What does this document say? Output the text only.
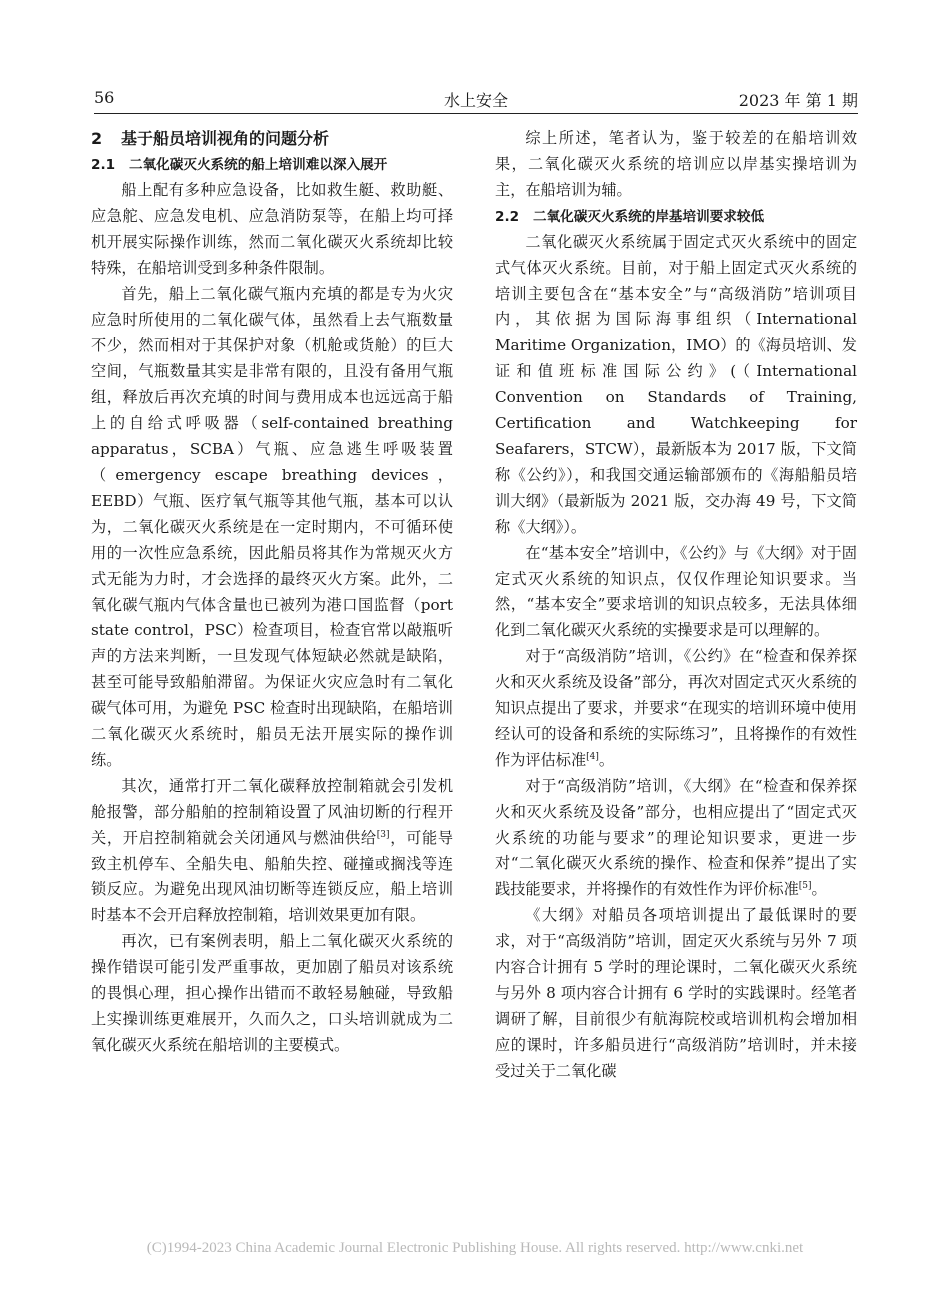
56	水上安全	2023 年 第 1 期
2 基于船员培训视角的问题分析
2.1 二氧化碳灭火系统的船上培训难以深入展开

船上配有多种应急设备，比如救生艇、救助艇、应急舵、应急发电机、应急消防泵等，在船上均可择机开展实际操作训练，然而二氧化碳灭火系统却比较特殊，在船培训受到多种条件限制。

首先，船上二氧化碳气瓶内充填的都是专为火灾应急时所使用的二氧化碳气体，虽然看上去气瓶数量不少，然而相对于其保护对象（机舱或货舱）的巨大空间，气瓶数量其实是非常有限的，且没有备用气瓶组，释放后再次充填的时间与费用成本也远远高于船上的自给式呼吸器（self-contained breathing apparatus，SCBA）气瓶、应急逃生呼吸装置（emergency escape breathing devices，EEBD）气瓶、医疗氧气瓶等其他气瓶，基本可以认为，二氧化碳灭火系统是在一定时期内，不可循环使用的一次性应急系统，因此船员将其作为常规灭火方式无能为力时，才会选择的最终灭火方案。此外，二氧化碳气瓶内气体含量也已被列为港口国监督（port state control，PSC）检查项目，检查官常以敲瓶听声的方法来判断，一旦发现气体短缺必然就是缺陷，甚至可能导致船舶滞留。为保证火灾应急时有二氧化碳气体可用，为避免 PSC 检查时出现缺陷，在船培训二氧化碳灭火系统时，船员无法开展实际的操作训练。

其次，通常打开二氧化碳释放控制箱就会引发机舱报警，部分船舶的控制箱设置了风油切断的行程开关，开启控制箱就会关闭通风与燃油供给[3]，可能导致主机停车、全船失电、船舶失控、碰撞或搁浅等连锁反应。为避免出现风油切断等连锁反应，船上培训时基本不会开启释放控制箱，培训效果更加有限。

再次，已有案例表明，船上二氧化碳灭火系统的操作错误可能引发严重事故，更加剧了船员对该系统的畏惧心理，担心操作出错而不敢轻易触碰，导致船上实操训练更难展开，久而久之，口头培训就成为二氧化碳灭火系统在船培训的主要模式。

综上所述，笔者认为，鉴于较差的在船培训效果，二氧化碳灭火系统的培训应以岸基实操培训为主，在船培训为辅。

2.2 二氧化碳灭火系统的岸基培训要求较低

二氧化碳灭火系统属于固定式灭火系统中的固定式气体灭火系统。目前，对于船上固定式灭火系统的培训主要包含在“基本安全”与“高级消防”培训项目内，其依据为国际海事组织（International Maritime Organization，IMO）的《海员培训、发证和值班标准国际公约》(（International Convention on Standards of Training, Certification and Watchkeeping for Seafarers，STCW），最新版本为 2017 版，下文简称《公约》），和我国交通运输部颁布的《海船船员培训大纲》（最新版为 2021 版，交办海 49 号，下文简称《大纲》）。

在“基本安全”培训中，《公约》与《大纲》对于固定式灭火系统的知识点，仅仅作理论知识要求。当然，“基本安全”要求培训的知识点较多，无法具体细化到二氧化碳灭火系统的实操要求是可以理解的。

对于“高级消防”培训，《公约》在“检查和保养探火和灭火系统及设备”部分，再次对固定式灭火系统的知识点提出了要求，并要求“在现实的培训环境中使用经认可的设备和系统的实际练习”，且将操作的有效性作为评估标准[4]。

对于“高级消防”培训，《大纲》在“检查和保养探火和灭火系统及设备”部分，也相应提出了“固定式灭火系统的功能与要求”的理论知识要求，更进一步对“二氧化碳灭火系统的操作、检查和保养”提出了实践技能要求，并将操作的有效性作为评价标准[5]。

《大纲》对船员各项培训提出了最低课时的要求，对于“高级消防”培训，固定灭火系统与另外 7 项内容合计拥有 5 学时的理论课时，二氧化碳灭火系统与另外 8 项内容合计拥有 6 学时的实践课时。经笔者调研了解，目前很少有航海院校或培训机构会增加相应的课时，许多船员进行“高级消防”培训时，并未接受过关于二氧化碳

(C)1994-2023 China Academic Journal Electronic Publishing House. All rights reserved. http://www.cnki.net
